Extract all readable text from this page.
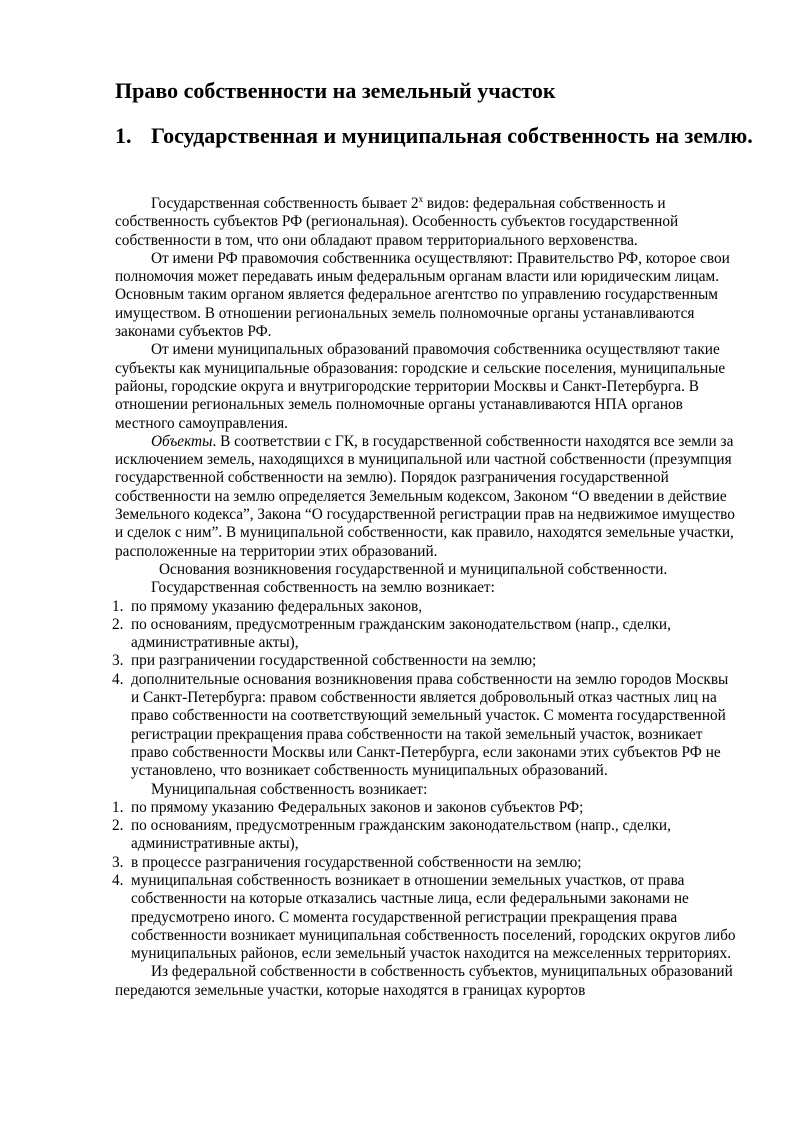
Право собственности на земельный участок
1. Государственная и муниципальная собственность на землю.

Государственная собственность бывает $2^х$ видов: федеральная собственность и собственность субъектов РФ (региональная). Особенность субъектов государственной собственности в том, что они обладают правом территориального верховенства.

От имени РФ правомочия собственника осуществляют: Правительство РФ, которое свои полномочия может передавать иным федеральным органам власти или юридическим лицам. Основным таким органом является федеральное агентство по управлению государственным имуществом. В отношении региональных земель полномочные органы устанавливаются законами субъектов РФ.

От имени муниципальных образований правомочия собственника осуществляют такие субъекты как муниципальные образования: городские и сельские поселения, муниципальные районы, городские округа и внутригородские территории Москвы и Санкт-Петербурга. В отношении региональных земель полномочные органы устанавливаются НПА органов местного самоуправления.

Объекты. В соответствии с ГК, в государственной собственности находятся все земли за исключением земель, находящихся в муниципальной или частной собственности (презумпция государственной собственности на землю). Порядок разграничения государственной собственности на землю определяется Земельным кодексом, Законом “О введении в действие Земельного кодекса”, Закона “О государственной регистрации прав на недвижимое имущество и сделок с ним”. В муниципальной собственности, как правило, находятся земельные участки, расположенные на территории этих образований.

Основания возникновения государственной и муниципальной собственности.

Государственная собственность на землю возникает:

1. по прямому указанию федеральных законов,
2. по основаниям, предусмотренным гражданским законодательством (напр., сделки, административные акты),
3. при разграничении государственной собственности на землю;
4. дополнительные основания возникновения права собственности на землю городов Москвы и Санкт-Петербурга: правом собственности является добровольный отказ частных лиц на право собственности на соответствующий земельный участок. С момента государственной регистрации прекращения права собственности на такой земельный участок, возникает право собственности Москвы или Санкт-Петербурга, если законами этих субъектов РФ не установлено, что возникает собственность муниципальных образований.

Муниципальная собственность возникает:

1. по прямому указанию Федеральных законов и законов субъектов РФ;
2. по основаниям, предусмотренным гражданским законодательством (напр., сделки, административные акты),
3. в процессе разграничения государственной собственности на землю;
4. муниципальная собственность возникает в отношении земельных участков, от права собственности на которые отказались частные лица, если федеральными законами не предусмотрено иного. С момента государственной регистрации прекращения права собственности возникает муниципальная собственность поселений, городских округов либо муниципальных районов, если земельный участок находится на межселенных территориях.

Из федеральной собственности в собственность субъектов, муниципальных образований передаются земельные участки, которые находятся в границах курортов
